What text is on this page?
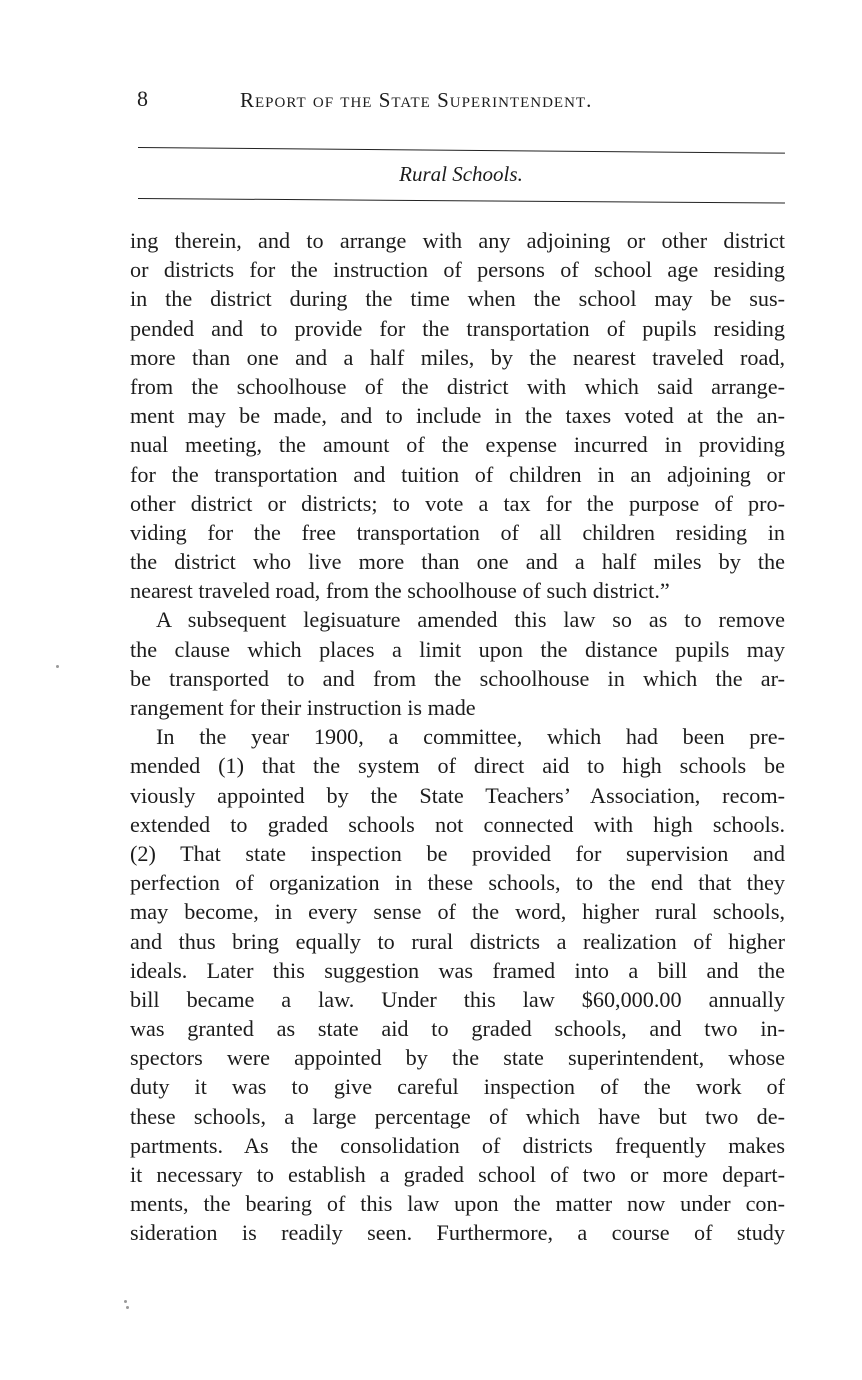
8	Report of the State Superintendent.
Rural Schools.
ing therein, and to arrange with any adjoining or other district
or districts for the instruction of persons of school age residing
in the district during the time when the school may be sus-
pended and to provide for the transportation of pupils residing
more than one and a half miles, by the nearest traveled road,
from the schoolhouse of the district with which said arrange-
ment may be made, and to include in the taxes voted at the an-
nual meeting, the amount of the expense incurred in providing
for the transportation and tuition of children in an adjoining or
other district or districts; to vote a tax for the purpose of pro-
viding for the free transportation of all children residing in
the district who live more than one and a half miles by the
nearest traveled road, from the schoolhouse of such district.”
A subsequent legisuature amended this law so as to remove
the clause which places a limit upon the distance pupils may
be transported to and from the schoolhouse in which the ar-
rangement for their instruction is made
In the year 1900, a committee, which had been pre-
mended (1) that the system of direct aid to high schools be
viously appointed by the State Teachers’ Association, recom-
extended to graded schools not connected with high schools.
(2) That state inspection be provided for supervision and
perfection of organization in these schools, to the end that they
may become, in every sense of the word, higher rural schools,
and thus bring equally to rural districts a realization of higher
ideals. Later this suggestion was framed into a bill and the
bill became a law. Under this law $60,000.00 annually
was granted as state aid to graded schools, and two in-
spectors were appointed by the state superintendent, whose
duty it was to give careful inspection of the work of
these schools, a large percentage of which have but two de-
partments. As the consolidation of districts frequently makes
it necessary to establish a graded school of two or more depart-
ments, the bearing of this law upon the matter now under con-
sideration is readily seen. Furthermore, a course of study
